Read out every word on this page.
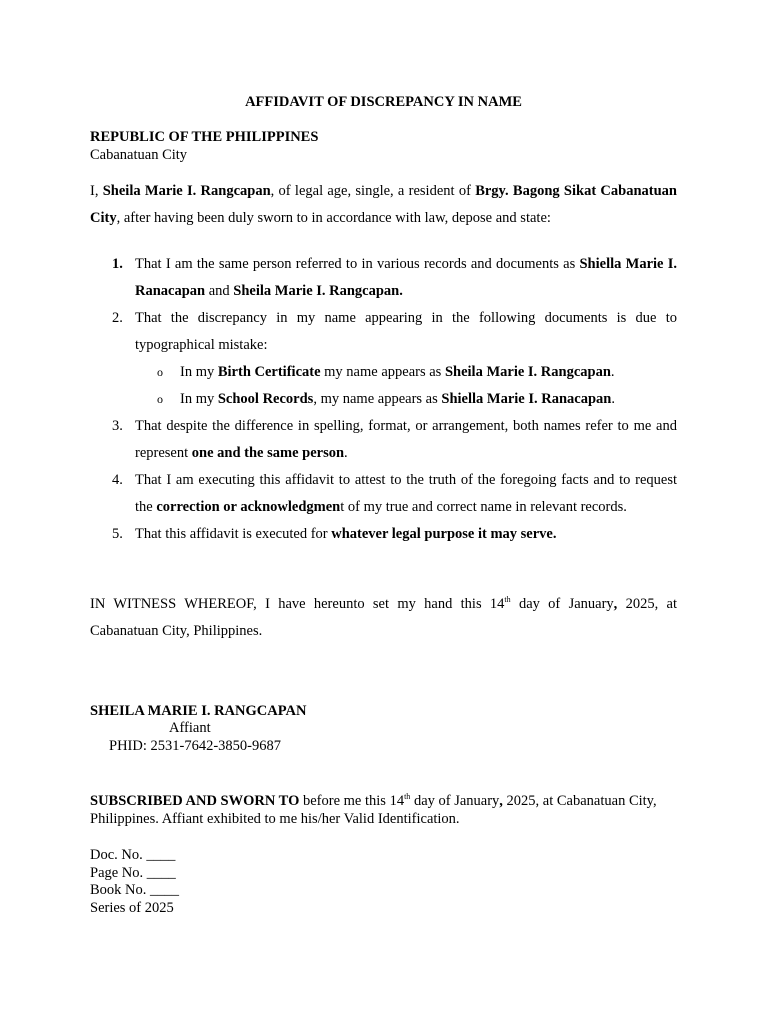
AFFIDAVIT OF DISCREPANCY IN NAME
REPUBLIC OF THE PHILIPPINES
Cabanatuan City
I, Sheila Marie I. Rangcapan, of legal age, single, a resident of Brgy. Bagong Sikat Cabanatuan City, after having been duly sworn to in accordance with law, depose and state:
1. That I am the same person referred to in various records and documents as Shiella Marie I. Ranacapan and Sheila Marie I. Rangcapan.
2. That the discrepancy in my name appearing in the following documents is due to typographical mistake:
o In my Birth Certificate my name appears as Sheila Marie I. Rangcapan.
o In my School Records, my name appears as Shiella Marie I. Ranacapan.
3. That despite the difference in spelling, format, or arrangement, both names refer to me and represent one and the same person.
4. That I am executing this affidavit to attest to the truth of the foregoing facts and to request the correction or acknowledgment of my true and correct name in relevant records.
5. That this affidavit is executed for whatever legal purpose it may serve.
IN WITNESS WHEREOF, I have hereunto set my hand this 14th day of January, 2025, at Cabanatuan City, Philippines.
SHEILA MARIE I. RANGCAPAN
Affiant
PHID: 2531-7642-3850-9687
SUBSCRIBED AND SWORN TO before me this 14th day of January, 2025, at Cabanatuan City, Philippines. Affiant exhibited to me his/her Valid Identification.
Doc. No. ____
Page No. ____
Book No. ____
Series of 2025
